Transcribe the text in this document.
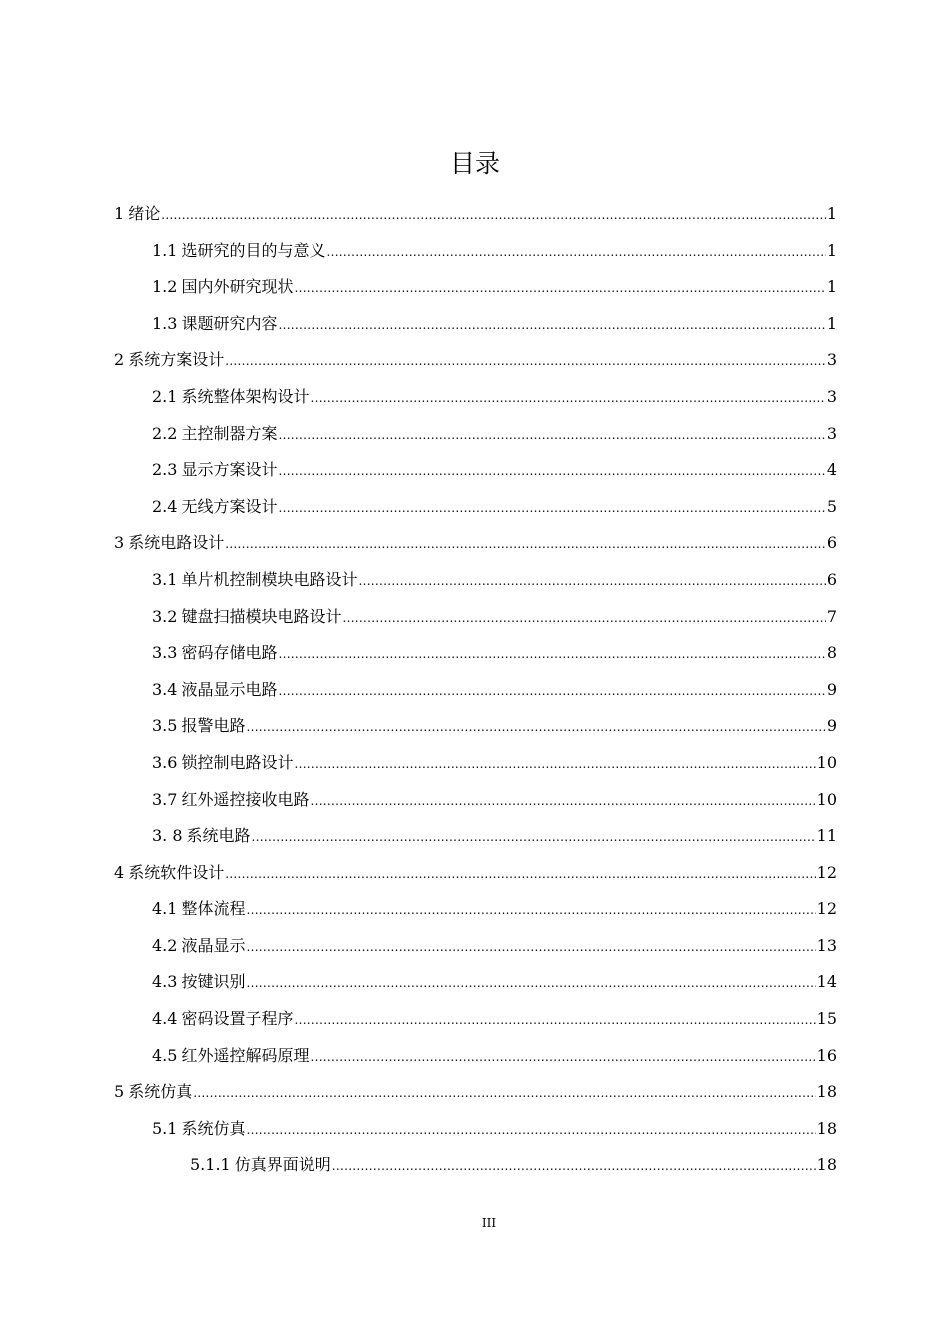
目录
1 绪论 .....	1
1.1 选研究的目的与意义 .....	1
1.2 国内外研究现状 .....	1
1.3 课题研究内容 .....	1
2 系统方案设计 .....	3
2.1 系统整体架构设计 .....	3
2.2 主控制器方案 .....	3
2.3 显示方案设计 .....	4
2.4 无线方案设计 .....	5
3 系统电路设计 .....	6
3.1 单片机控制模块电路设计 .....	6
3.2 键盘扫描模块电路设计 .....	7
3.3 密码存储电路 .....	8
3.4 液晶显示电路 .....	9
3.5 报警电路 .....	9
3.6 锁控制电路设计 .....	10
3.7 红外遥控接收电路 .....	10
3. 8 系统电路 .....	11
4 系统软件设计 .....	12
4.1 整体流程 .....	12
4.2 液晶显示 .....	13
4.3 按键识别 .....	14
4.4 密码设置子程序 .....	15
4.5 红外遥控解码原理 .....	16
5 系统仿真 .....	18
5.1 系统仿真 .....	18
5.1.1 仿真界面说明 .....	18
III
